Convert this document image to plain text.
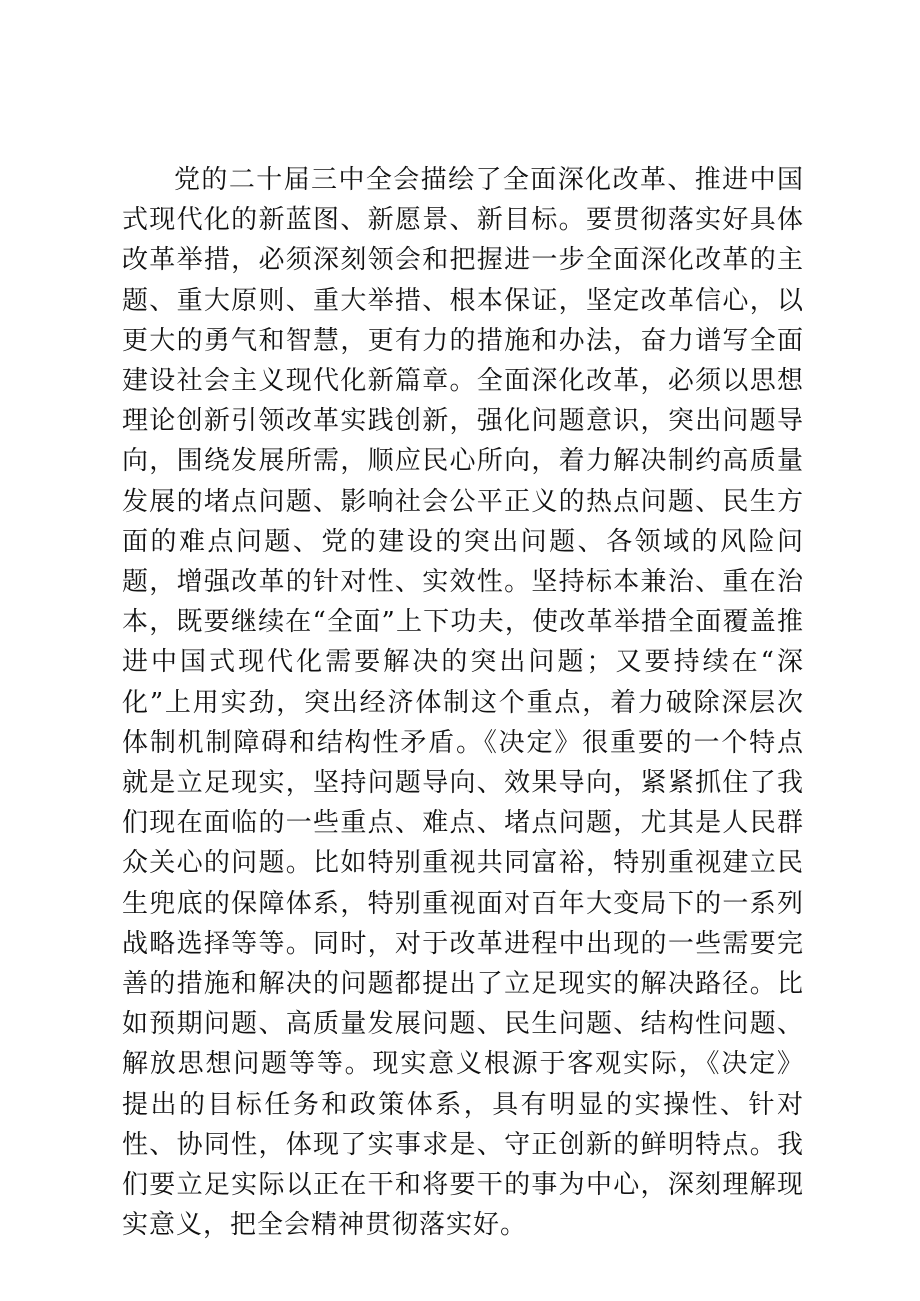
党的二十届三中全会描绘了全面深化改革、推进中国式现代化的新蓝图、新愿景、新目标。要贯彻落实好具体改革举措，必须深刻领会和把握进一步全面深化改革的主题、重大原则、重大举措、根本保证，坚定改革信心，以更大的勇气和智慧，更有力的措施和办法，奋力谱写全面建设社会主义现代化新篇章。全面深化改革，必须以思想理论创新引领改革实践创新，强化问题意识，突出问题导向，围绕发展所需，顺应民心所向，着力解决制约高质量发展的堵点问题、影响社会公平正义的热点问题、民生方面的难点问题、党的建设的突出问题、各领域的风险问题，增强改革的针对性、实效性。坚持标本兼治、重在治本，既要继续在“全面”上下功夫，使改革举措全面覆盖推进中国式现代化需要解决的突出问题；又要持续在“深化”上用实劲，突出经济体制这个重点，着力破除深层次体制机制障碍和结构性矛盾。《决定》很重要的一个特点就是立足现实，坚持问题导向、效果导向，紧紧抓住了我们现在面临的一些重点、难点、堵点问题，尤其是人民群众关心的问题。比如特别重视共同富裕，特别重视建立民生兜底的保障体系，特别重视面对百年大变局下的一系列战略选择等等。同时，对于改革进程中出现的一些需要完善的措施和解决的问题都提出了立足现实的解决路径。比如预期问题、高质量发展问题、民生问题、结构性问题、解放思想问题等等。现实意义根源于客观实际，《决定》提出的目标任务和政策体系，具有明显的实操性、针对性、协同性，体现了实事求是、守正创新的鲜明特点。我们要立足实际以正在干和将要干的事为中心，深刻理解现实意义，把全会精神贯彻落实好。
